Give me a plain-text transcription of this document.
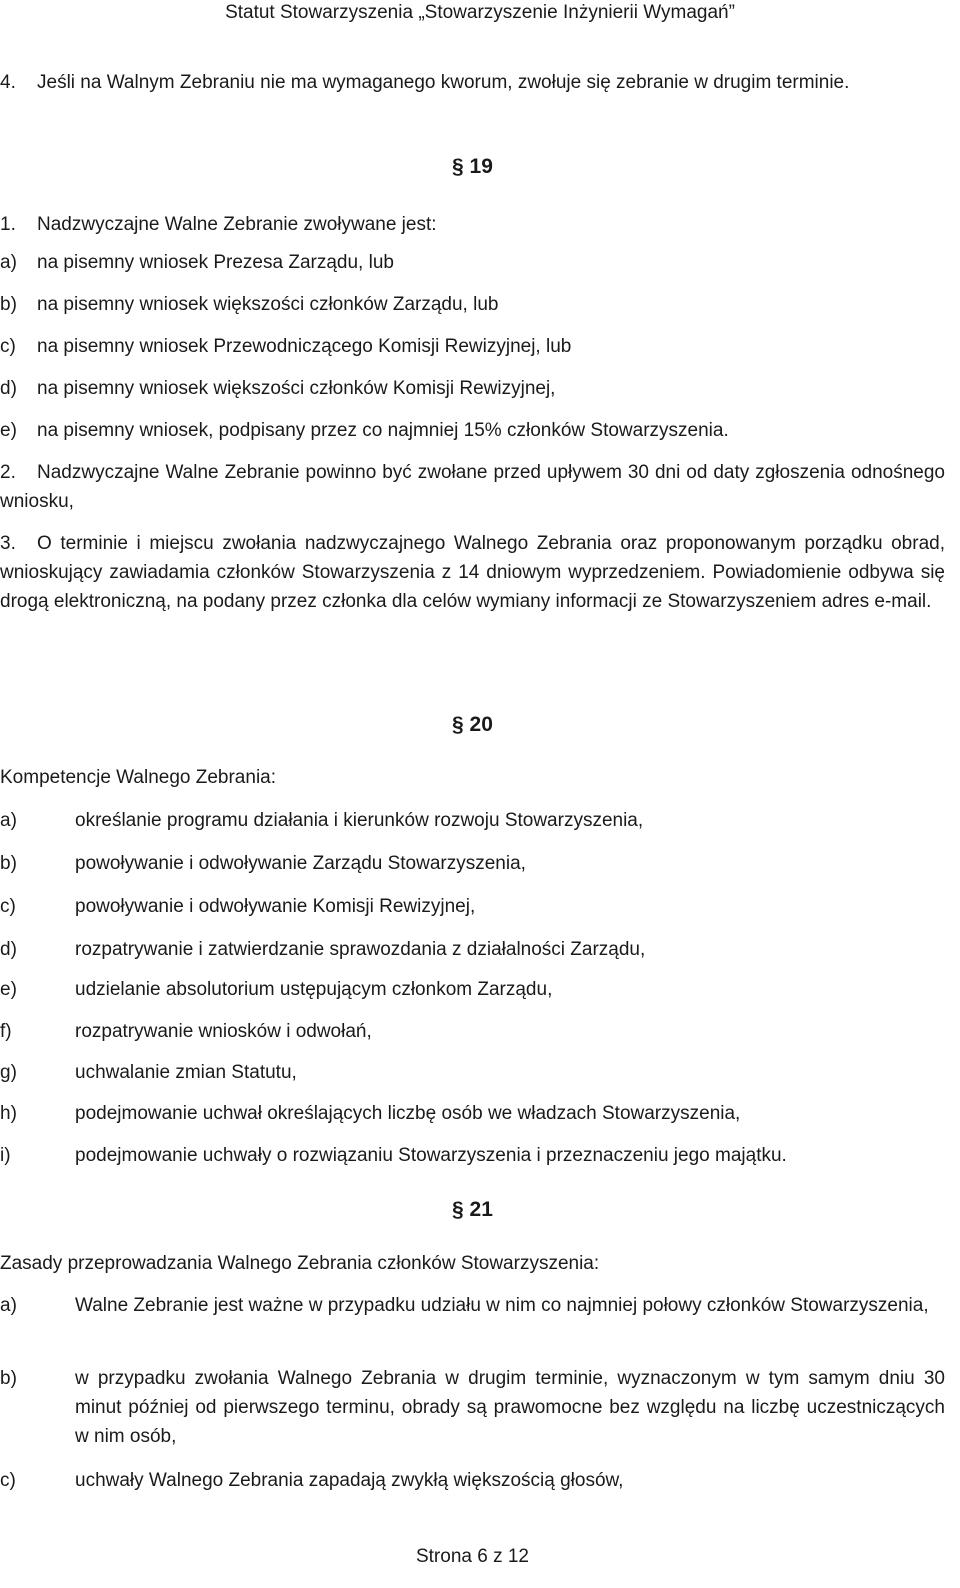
Statut Stowarzyszenia „Stowarzyszenie Inżynierii Wymagań”
4. Jeśli na Walnym Zebraniu nie ma wymaganego kworum, zwołuje się zebranie w drugim terminie.
§ 19
1. Nadzwyczajne Walne Zebranie zwoływane jest:
a) na pisemny wniosek Prezesa Zarządu, lub
b) na pisemny wniosek większości członków Zarządu, lub
c) na pisemny wniosek Przewodniczącego Komisji Rewizyjnej, lub
d) na pisemny wniosek większości członków Komisji Rewizyjnej,
e) na pisemny wniosek, podpisany przez co najmniej 15% członków Stowarzyszenia.
2.	Nadzwyczajne Walne Zebranie powinno być zwołane przed upływem 30 dni od daty zgłoszenia odnośnego wniosku,
3.	O terminie i miejscu zwołania nadzwyczajnego Walnego Zebrania oraz proponowanym porządku obrad, wnioskujący zawiadamia członków Stowarzyszenia z 14 dniowym wyprzedzeniem. Powiadomienie odbywa się drogą elektroniczną, na podany przez członka dla celów wymiany informacji ze Stowarzyszeniem adres e-mail.
§ 20
Kompetencje Walnego Zebrania:
a)	określanie programu działania i kierunków rozwoju Stowarzyszenia,
b)	powoływanie i odwoływanie Zarządu Stowarzyszenia,
c)	powoływanie i odwoływanie Komisji Rewizyjnej,
d)	rozpatrywanie i zatwierdzanie sprawozdania z działalności Zarządu,
e)	udzielanie absolutorium ustępującym członkom Zarządu,
f)	rozpatrywanie wniosków i odwołań,
g)	uchwalanie zmian Statutu,
h)	podejmowanie uchwał określających liczbę osób we władzach Stowarzyszenia,
i)	podejmowanie uchwały o rozwiązaniu Stowarzyszenia i przeznaczeniu jego majątku.
§ 21
Zasady przeprowadzania Walnego Zebrania członków Stowarzyszenia:
a)	Walne Zebranie jest ważne w przypadku udziału w nim co najmniej połowy członków Stowarzyszenia,
b)	w przypadku zwołania Walnego Zebrania w drugim terminie, wyznaczonym w tym samym dniu 30 minut później od pierwszego terminu, obrady są prawomocne bez względu na liczbę uczestniczących w nim osób,
c)	uchwały Walnego Zebrania zapadają zwykłą większością głosów,
Strona 6 z 12
